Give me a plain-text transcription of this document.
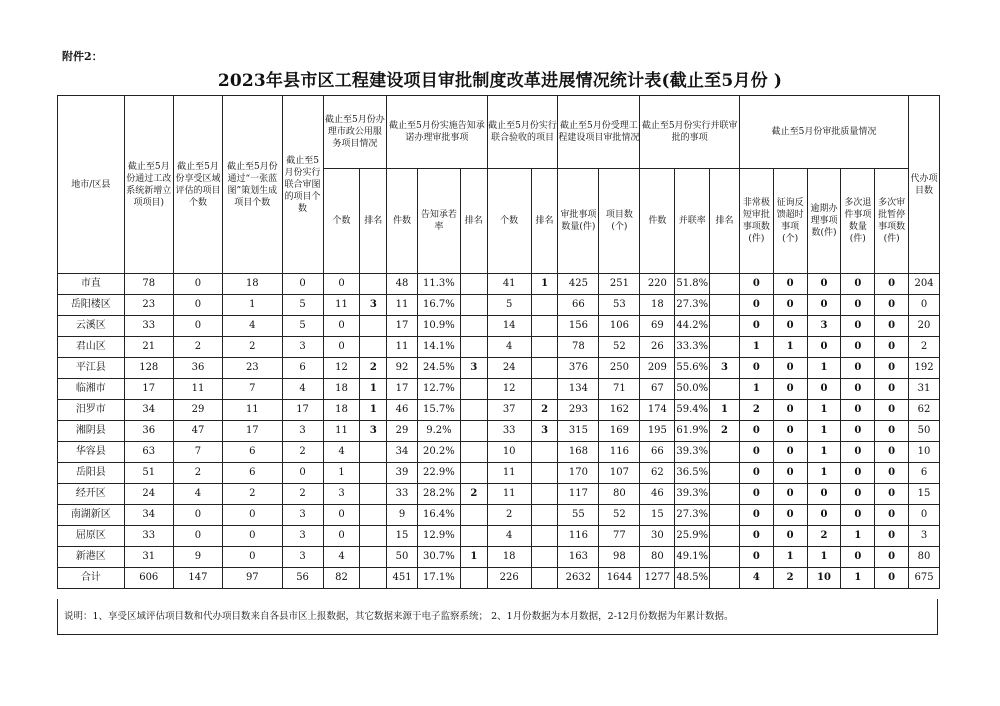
附件2：
2023年县市区工程建设项目审批制度改革进展情况统计表(截止至5月份 )
地市/区县	截止至5月份通过工改系统新增立项项目)	截止至5月份享受区域评估的项目个数	截止至5月份通过“一张蓝图”策划生成项目个数	截止至5月份实行联合审图的项目个数	截止至5月份办理市政公用服务项目情况		截止至5月份实施告知承诺办理审批事项			截止至5月份实行联合验收的项目		截止至5月份受理工程建设项目审批情况		截止至5月份实行并联审批的事项			截止至5月份审批质量情况					代办项目数
					个数	排名	件数	告知承若率	排名	个数	排名	审批事项数量(件)	项目数(个)	件数	并联率	排名	非常极短审批事项数(件)	征询反馈超时事项(个)	逾期办理事项数(件)	多次退件事项数量(件)	多次审批暂停事项数(件)	
市直	78	0	18	0	0		48	11.3%		41	1	425	251	220	51.8%		0	0	0	0	0	204
岳阳楼区	23	0	1	5	11	3	11	16.7%		5		66	53	18	27.3%		0	0	0	0	0	0
云溪区	33	0	4	5	0		17	10.9%		14		156	106	69	44.2%		0	0	3	0	0	20
君山区	21	2	2	3	0		11	14.1%		4		78	52	26	33.3%		1	1	0	0	0	2
平江县	128	36	23	6	12	2	92	24.5%	3	24		376	250	209	55.6%	3	0	0	1	0	0	192
临湘市	17	11	7	4	18	1	17	12.7%		12		134	71	67	50.0%		1	0	0	0	0	31
汨罗市	34	29	11	17	18	1	46	15.7%		37	2	293	162	174	59.4%	1	2	0	1	0	0	62
湘阴县	36	47	17	3	11	3	29	9.2%		33	3	315	169	195	61.9%	2	0	0	1	0	0	50
华容县	63	7	6	2	4		34	20.2%		10		168	116	66	39.3%		0	0	1	0	0	10
岳阳县	51	2	6	0	1		39	22.9%		11		170	107	62	36.5%		0	0	1	0	0	6
经开区	24	4	2	2	3		33	28.2%	2	11		117	80	46	39.3%		0	0	0	0	0	15
南湖新区	34	0	0	3	0		9	16.4%		2		55	52	15	27.3%		0	0	0	0	0	0
屈原区	33	0	0	3	0		15	12.9%		4		116	77	30	25.9%		0	0	2	1	0	3
新港区	31	9	0	3	4		50	30.7%	1	18		163	98	80	49.1%		0	1	1	0	0	80
合计	606	147	97	56	82		451	17.1%		226		2632	1644	1277	48.5%		4	2	10	1	0	675
说明：1、享受区域评估项目数和代办项目数来自各县市区上报数据，其它数据来源于电子监察系统； 2、1月份数据为本月数据，2-12月份数据为年累计数据。
